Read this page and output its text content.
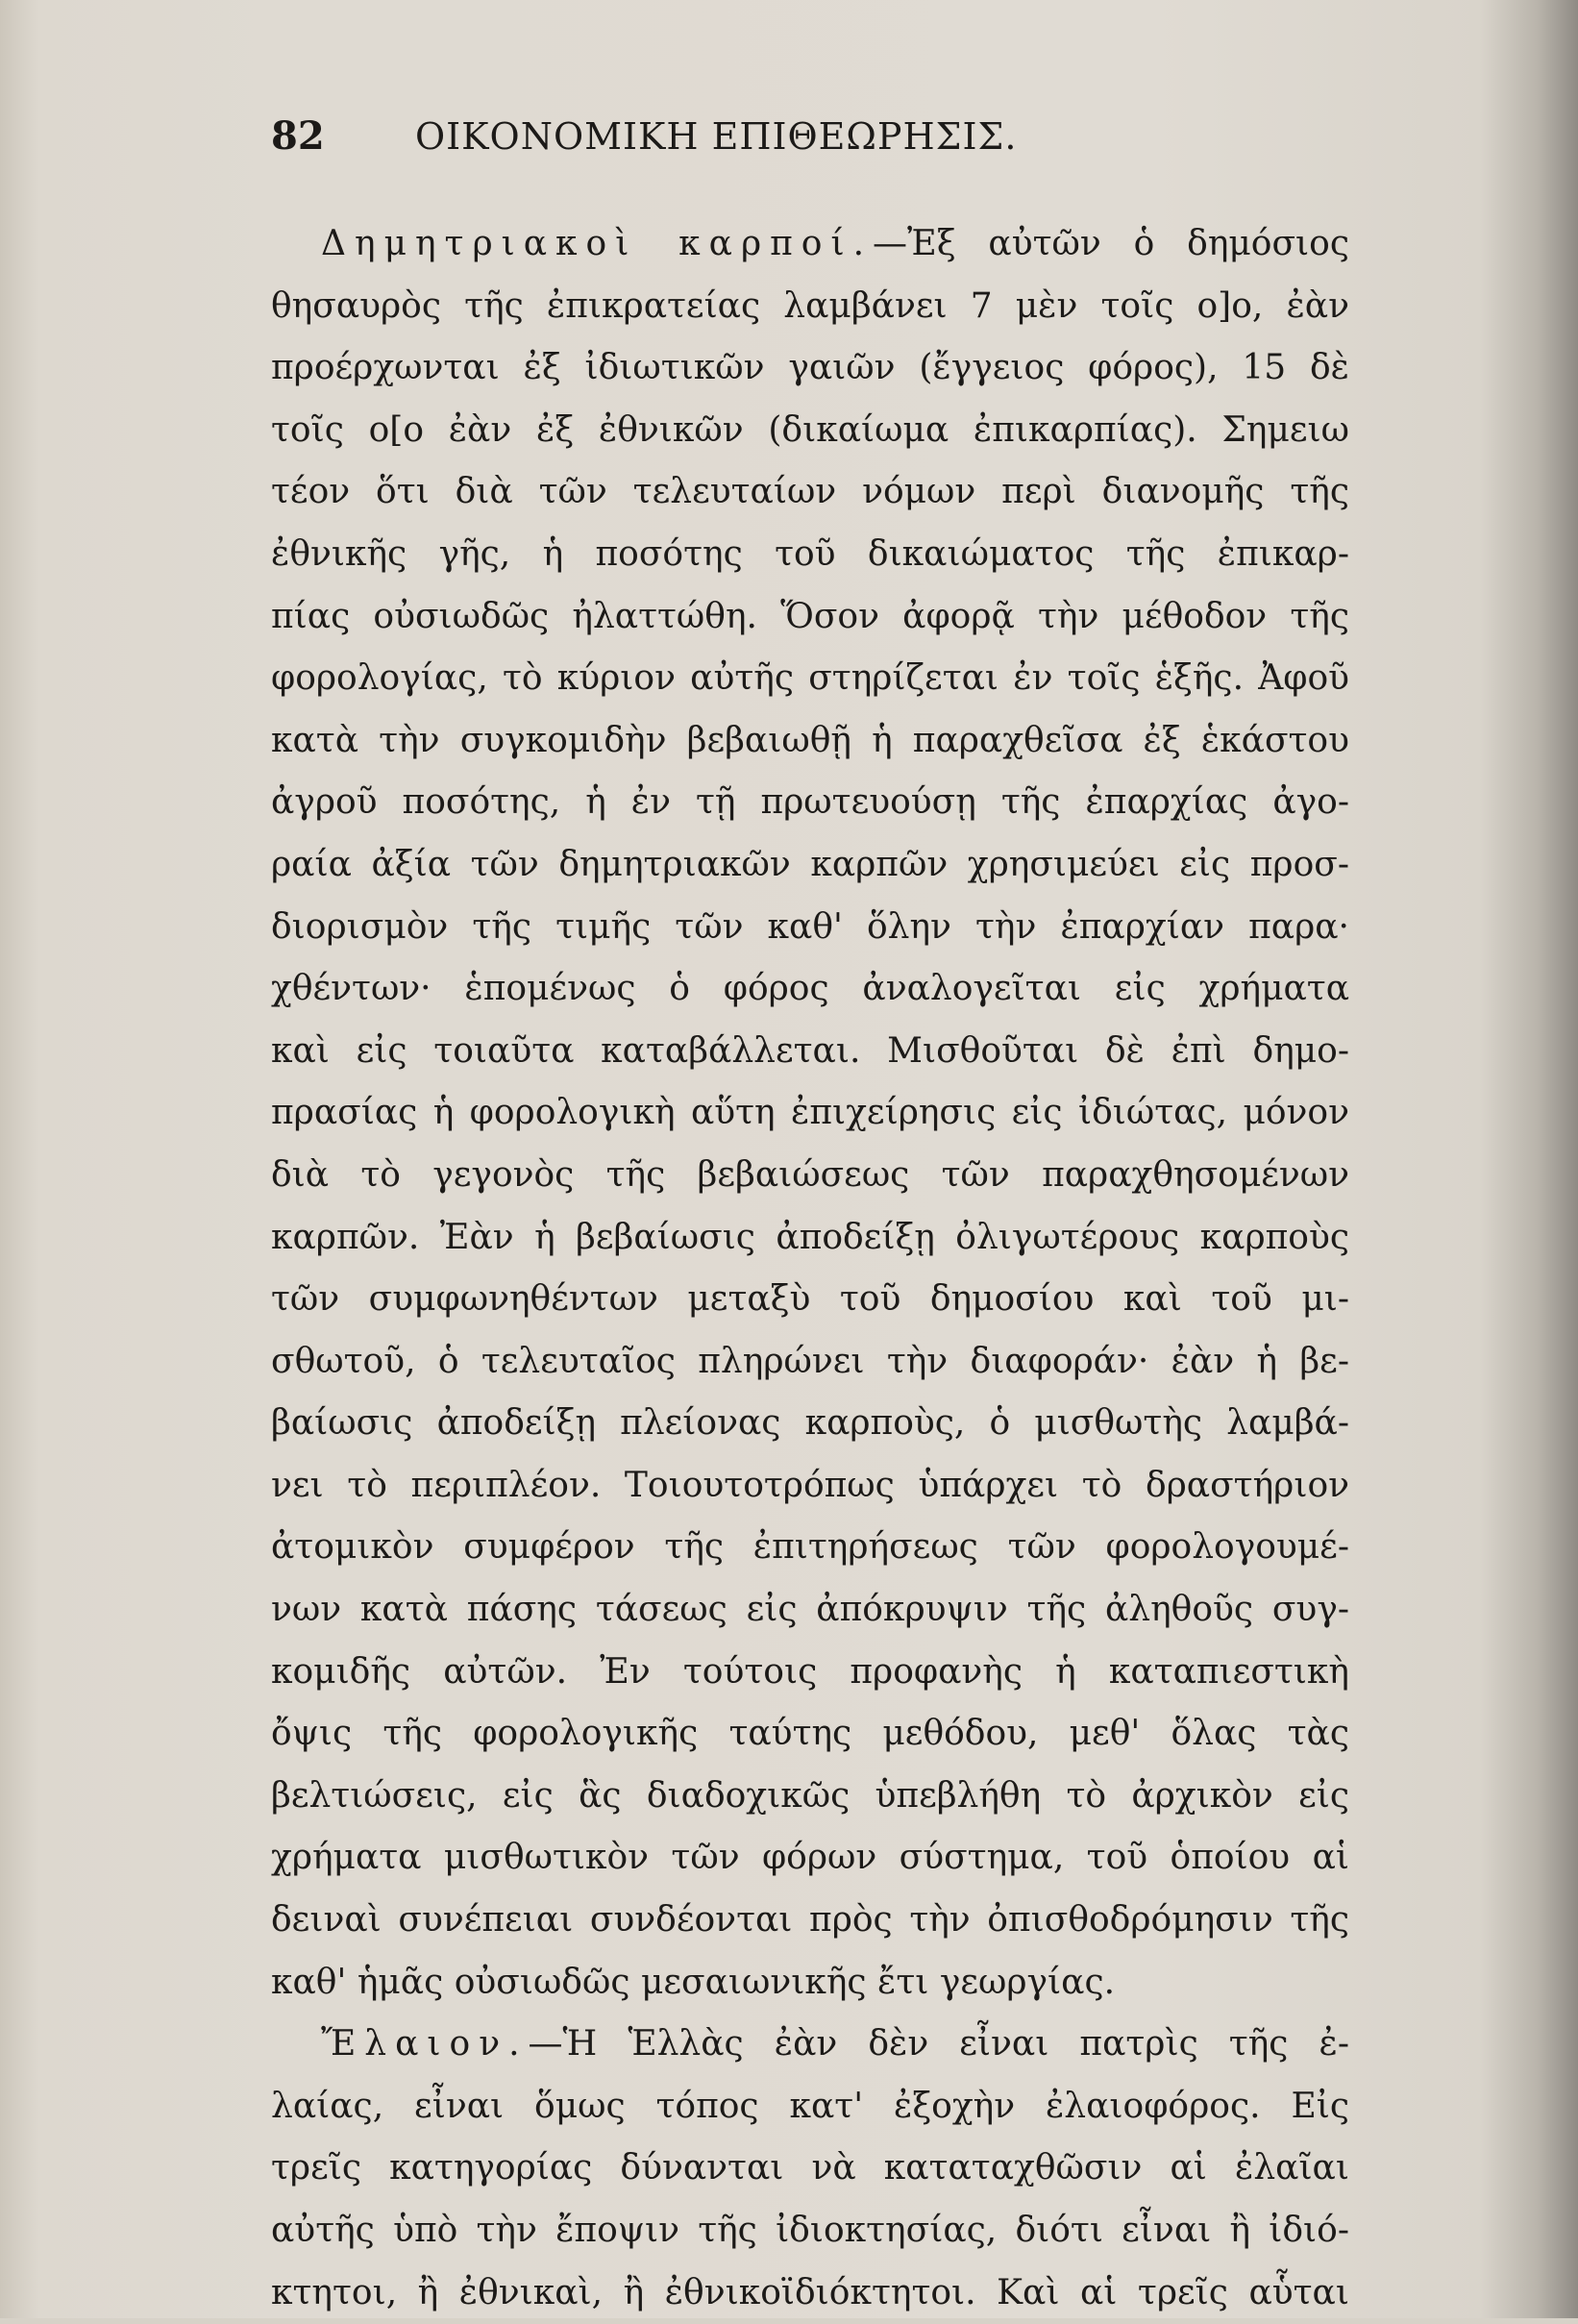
82	ΟΙΚΟΝΟΜΙΚΗ ΕΠΙΘΕΩΡΗΣΙΣ.
Δημητριακοὶ καρποί.—Ἐξ αὐτῶν ὁ δημόσιος
θησαυρὸς τῆς ἐπικρατείας λαμβάνει 7 μὲν τοῖς ο]ο, ἐὰν
προέρχωνται ἐξ ἰδιωτικῶν γαιῶν (ἔγγειος φόρος), 15 δὲ
τοῖς ο[ο ἐὰν ἐξ ἐθνικῶν (δικαίωμα ἐπικαρπίας). Σημειω
τέον ὅτι διὰ τῶν τελευταίων νόμων περὶ διανομῆς τῆς
ἐθνικῆς γῆς, ἡ ποσότης τοῦ δικαιώματος τῆς ἐπικαρ-
πίας οὐσιωδῶς ἠλαττώθη. Ὅσον ἀφορᾷ τὴν μέθοδον τῆς
φορολογίας, τὸ κύριον αὐτῆς στηρίζεται ἐν τοῖς ἑξῆς. Ἀφοῦ
κατὰ τὴν συγκομιδὴν βεβαιωθῇ ἡ παραχθεῖσα ἐξ ἑκάστου
ἀγροῦ ποσότης, ἡ ἐν τῇ πρωτευούσῃ τῆς ἐπαρχίας ἀγο-
ραία ἀξία τῶν δημητριακῶν καρπῶν χρησιμεύει εἰς προσ-
διορισμὸν τῆς τιμῆς τῶν καθ' ὅλην τὴν ἐπαρχίαν παρα·
χθέντων· ἑπομένως ὁ φόρος ἀναλογεῖται εἰς χρήματα
καὶ εἰς τοιαῦτα καταβάλλεται. Μισθοῦται δὲ ἐπὶ δημο-
πρασίας ἡ φορολογικὴ αὕτη ἐπιχείρησις εἰς ἰδιώτας, μόνον
διὰ τὸ γεγονὸς τῆς βεβαιώσεως τῶν παραχθησομένων
καρπῶν. Ἐὰν ἡ βεβαίωσις ἀποδείξῃ ὀλιγωτέρους καρποὺς
τῶν συμφωνηθέντων μεταξὺ τοῦ δημοσίου καὶ τοῦ μι-
σθωτοῦ, ὁ τελευταῖος πληρώνει τὴν διαφοράν· ἐὰν ἡ βε-
βαίωσις ἀποδείξῃ πλείονας καρποὺς, ὁ μισθωτὴς λαμβά-
νει τὸ περιπλέον. Τοιουτοτρόπως ὑπάρχει τὸ δραστήριον
ἀτομικὸν συμφέρον τῆς ἐπιτηρήσεως τῶν φορολογουμέ-
νων κατὰ πάσης τάσεως εἰς ἀπόκρυψιν τῆς ἀληθοῦς συγ-
κομιδῆς αὐτῶν. Ἐν τούτοις προφανὴς ἡ καταπιεστικὴ
ὄψις τῆς φορολογικῆς ταύτης μεθόδου, μεθ' ὅλας τὰς
βελτιώσεις, εἰς ἃς διαδοχικῶς ὑπεβλήθη τὸ ἀρχικὸν εἰς
χρήματα μισθωτικὸν τῶν φόρων σύστημα, τοῦ ὁποίου αἱ
δειναὶ συνέπειαι συνδέονται πρὸς τὴν ὀπισθοδρόμησιν τῆς
καθ' ἡμᾶς οὐσιωδῶς μεσαιωνικῆς ἔτι γεωργίας.
Ἔλαιον.—Ἡ Ἑλλὰς ἐὰν δὲν εἶναι πατρὶς τῆς ἐ-
λαίας, εἶναι ὅμως τόπος κατ' ἐξοχὴν ἐλαιοφόρος. Εἰς
τρεῖς κατηγορίας δύνανται νὰ καταταχθῶσιν αἱ ἐλαῖαι
αὐτῆς ὑπὸ τὴν ἔποψιν τῆς ἰδιοκτησίας, διότι εἶναι ἢ ἰδιό-
κτητοι, ἢ ἐθνικαὶ, ἢ ἐθνικοϊδιόκτητοι. Καὶ αἱ τρεῖς αὗται
